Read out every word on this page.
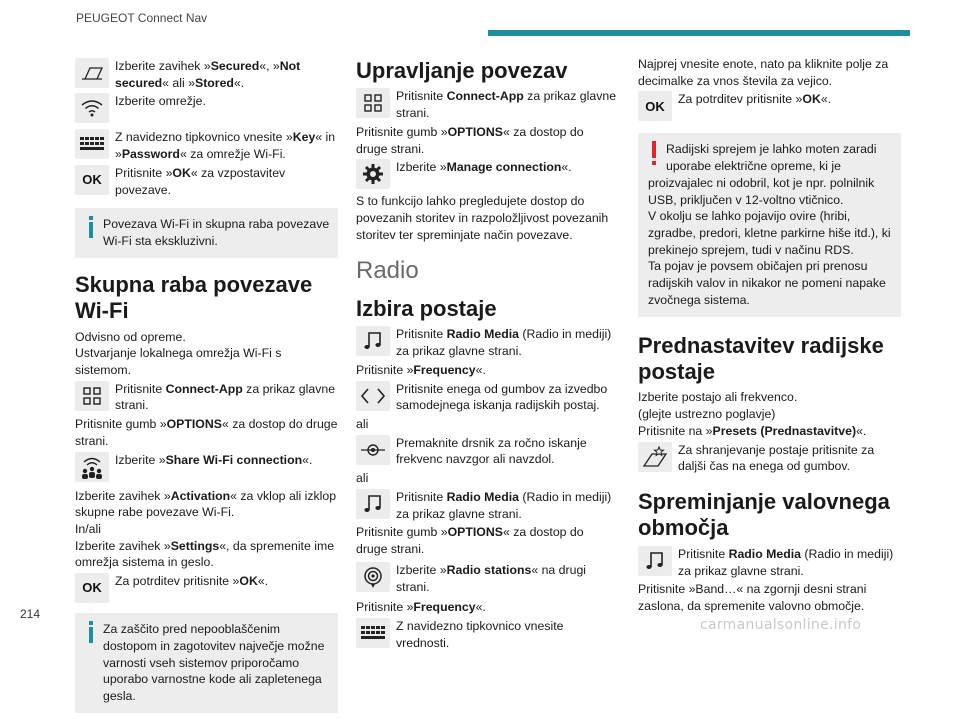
PEUGEOT Connect Nav

Izberite zavihek »Secured«, »Not secured« ali »Stored«.

Izberite omrežje.

Z navidezno tipkovnico vnesite »Key« in »Password« za omrežje Wi-Fi.

OK	Pritisnite »OK« za vzpostavitev povezave.

Povezava Wi-Fi in skupna raba povezave Wi-Fi sta ekskluzivni.

Skupna raba povezave Wi-Fi

Odvisno od opreme.

Ustvarjanje lokalnega omrežja Wi-Fi s sistemom.

Pritisnite Connect-App za prikaz glavne strani.

Pritisnite gumb »OPTIONS« za dostop do druge strani.

Izberite »Share Wi-Fi connection«.

Izberite zavihek »Activation« za vklop ali izklop skupne rabe povezave Wi-Fi.

In/ali

Izberite zavihek »Settings«, da spremenite ime omrežja sistema in geslo.

OK	Za potrditev pritisnite »OK«.

Za zaščito pred nepooblaščenim dostopom in zagotovitev največje možne varnosti vseh sistemov priporočamo uporabo varnostne kode ali zapletenega gesla.

Upravljanje povezav

Pritisnite Connect-App za prikaz glavne strani.

Pritisnite gumb »OPTIONS« za dostop do druge strani.

Izberite »Manage connection«.

S to funkcijo lahko pregledujete dostop do povezanih storitev in razpoložljivost povezanih storitev ter spreminjate način povezave.

Radio
Izbira postaje

Pritisnite Radio Media (Radio in mediji) za prikaz glavne strani.

Pritisnite »Frequency«.

Pritisnite enega od gumbov za izvedbo samodejnega iskanja radijskih postaj.

ali

Premaknite drsnik za ročno iskanje frekvenc navzgor ali navzdol.

ali

Pritisnite Radio Media (Radio in mediji) za prikaz glavne strani.

Pritisnite gumb »OPTIONS« za dostop do druge strani.

Izberite »Radio stations« na drugi strani.

Pritisnite »Frequency«.

Z navidezno tipkovnico vnesite vrednosti.

Najprej vnesite enote, nato pa kliknite polje za decimalke za vnos števila za vejico.

OK	Za potrditev pritisnite »OK«.

Radijski sprejem je lahko moten zaradi uporabe električne opreme, ki je

proizvajalec ni odobril, kot je npr. polnilnik USB, priključen v 12-voltno vtičnico.

V okolju se lahko pojavijo ovire (hribi, zgradbe, predori, kletne parkirne hiše itd.), ki prekinejo sprejem, tudi v načinu RDS.

Ta pojav je povsem običajen pri prenosu radijskih valov in nikakor ne pomeni napake zvočnega sistema.

Prednastavitev radijske postaje

Izberite postajo ali frekvenco.

(glejte ustrezno poglavje)

Pritisnite na »Presets (Prednastavitve)«.

Za shranjevanje postaje pritisnite za daljši čas na enega od gumbov.

Spreminjanje valovnega območja

Pritisnite Radio Media (Radio in mediji) za prikaz glavne strani.

Pritisnite »Band…« na zgornji desni strani zaslona, da spremenite valovno območje.

214
carmanualsonline.info
